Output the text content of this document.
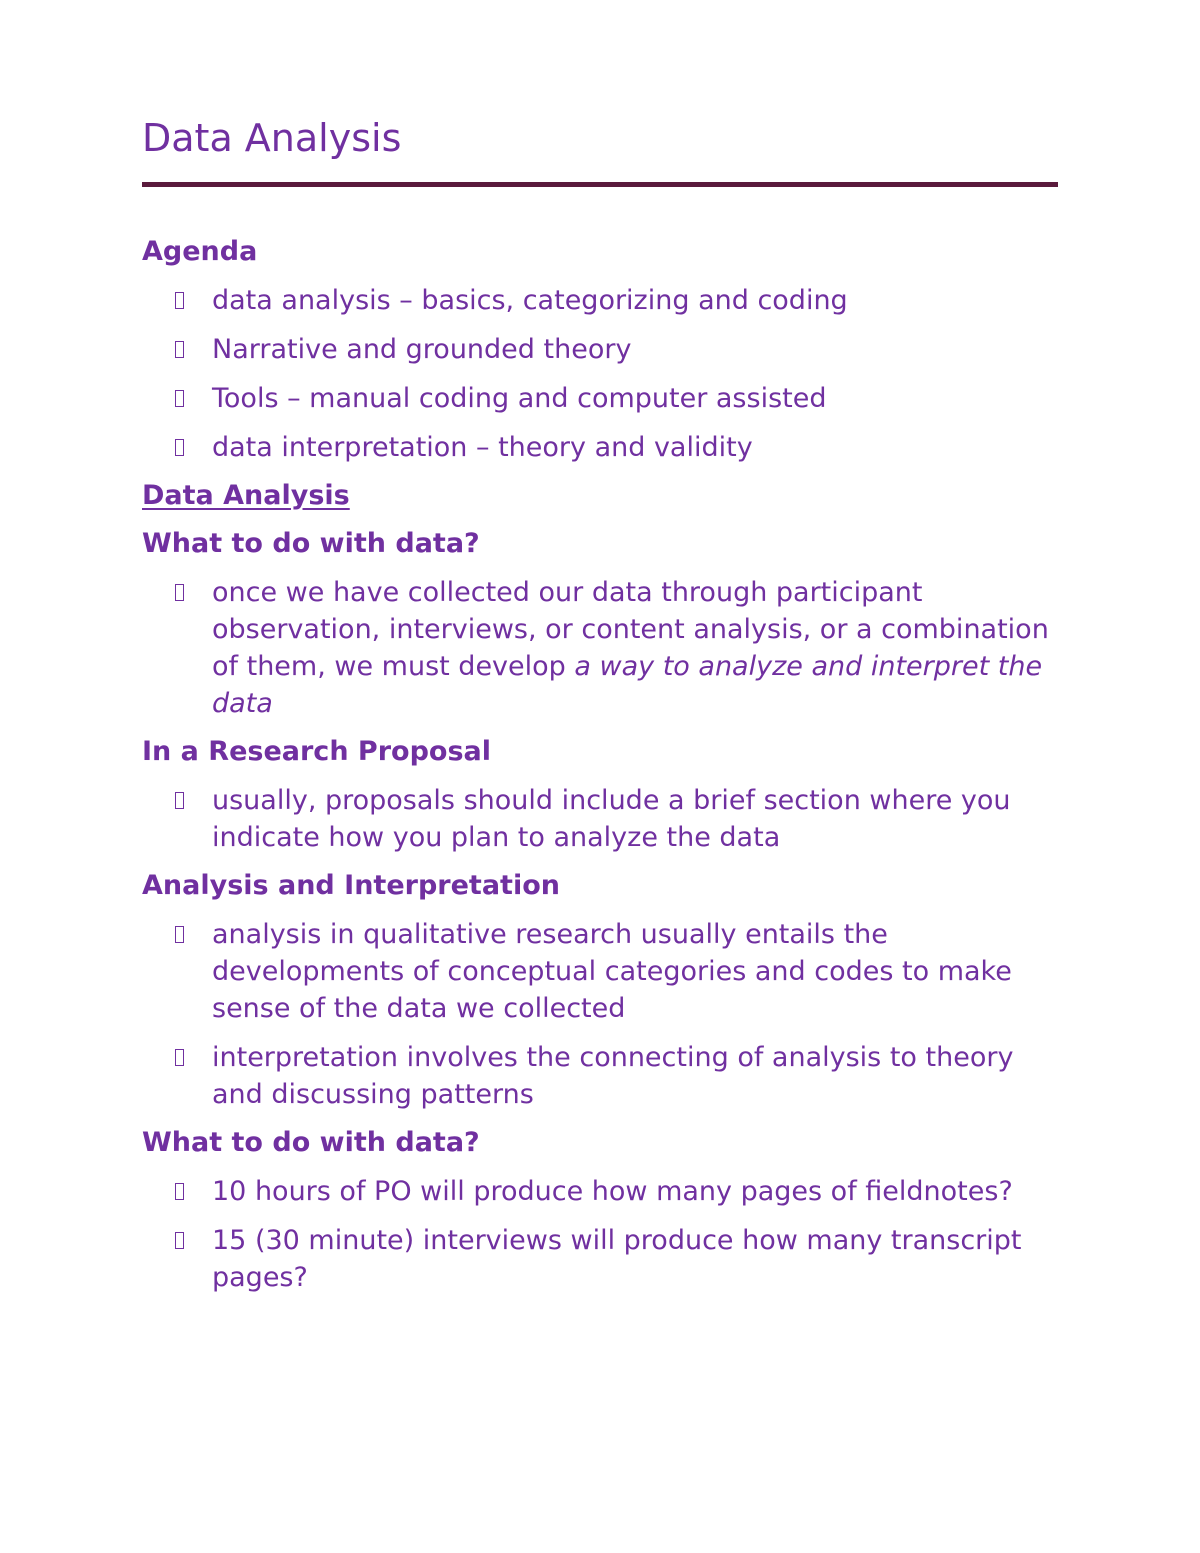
Data Analysis
Agenda
data analysis – basics, categorizing and coding
Narrative and grounded theory
Tools – manual coding and computer assisted
data interpretation – theory and validity
Data Analysis
What to do with data?
once we have collected our data through participant observation, interviews, or content analysis, or a combination of them, we must develop a way to analyze and interpret the data
In a Research Proposal
usually, proposals should include a brief section where you indicate how you plan to analyze the data
Analysis and Interpretation
analysis in qualitative research usually entails the developments of conceptual categories and codes to make sense of the data we collected
interpretation involves the connecting of analysis to theory and discussing patterns
What to do with data?
10 hours of PO will produce how many pages of fieldnotes?
15 (30 minute) interviews will produce how many transcript pages?
